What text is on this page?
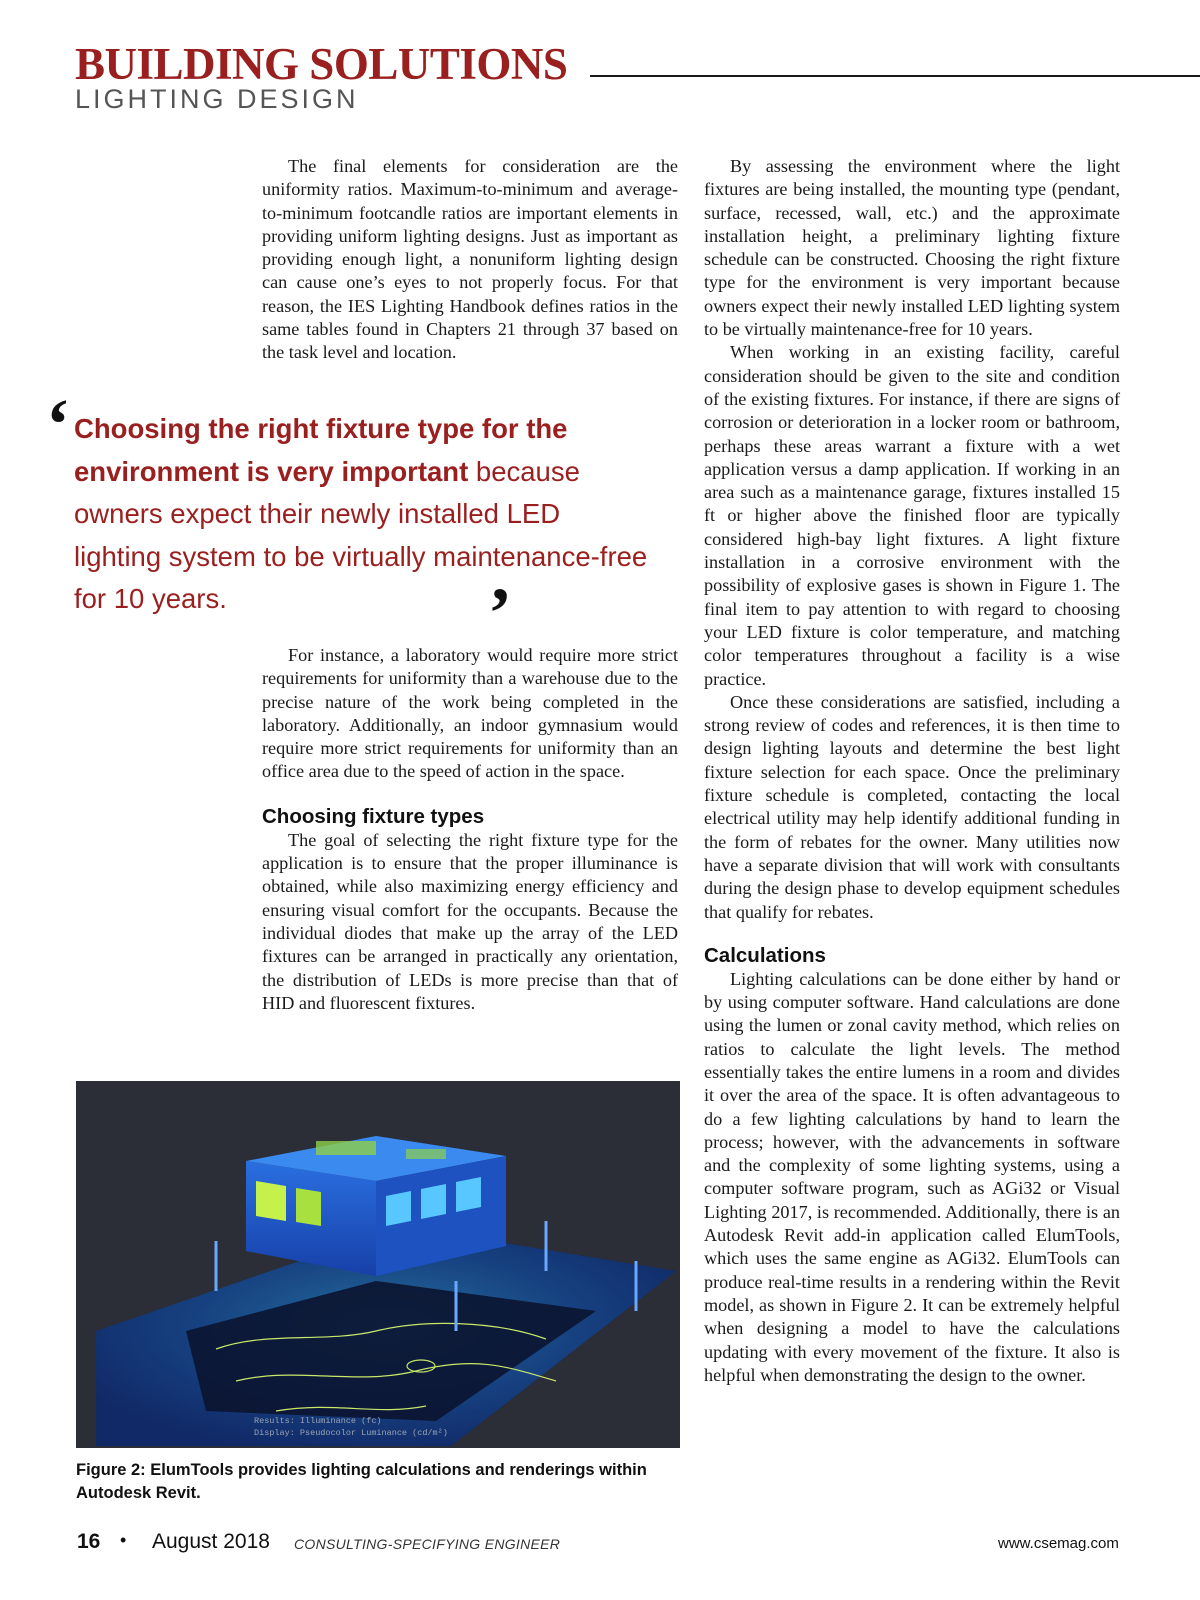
BUILDING SOLUTIONS
LIGHTING DESIGN

The final elements for consideration are the uniformity ratios. Maximum-to-minimum and average-to-minimum footcandle ratios are important elements in providing uniform lighting designs. Just as important as providing enough light, a nonuniform lighting design can cause one’s eyes to not properly focus. For that reason, the IES Lighting Handbook defines ratios in the same tables found in Chapters 21 through 37 based on the task level and location.

‘ Choosing the right fixture type for the environment is very important because owners expect their newly installed LED lighting system to be virtually maintenance-free for 10 years.	’

For instance, a laboratory would require more strict requirements for uniformity than a warehouse due to the precise nature of the work being completed in the laboratory. Additionally, an indoor gymnasium would require more strict requirements for uniformity than an office area due to the speed of action in the space.

Choosing fixture types

The goal of selecting the right fixture type for the application is to ensure that the proper illuminance is obtained, while also maximizing energy efficiency and ensuring visual comfort for the occupants. Because the individual diodes that make up the array of the LED fixtures can be arranged in practically any orientation, the distribution of LEDs is more precise than that of HID and fluorescent fixtures.

By assessing the environment where the light fixtures are being installed, the mounting type (pendant, surface, recessed, wall, etc.) and the approximate installation height, a preliminary lighting fixture schedule can be constructed. Choosing the right fixture type for the environment is very important because owners expect their newly installed LED lighting system to be virtually maintenance-free for 10 years.

When working in an existing facility, careful consideration should be given to the site and condition of the existing fixtures. For instance, if there are signs of corrosion or deterioration in a locker room or bathroom, perhaps these areas warrant a fixture with a wet application versus a damp application. If working in an area such as a maintenance garage, fixtures installed 15 ft or higher above the finished floor are typically considered high-bay light fixtures. A light fixture installation in a corrosive environment with the possibility of explosive gases is shown in Figure 1. The final item to pay attention to with regard to choosing your LED fixture is color temperature, and matching color temperatures throughout a facility is a wise practice.

Once these considerations are satisfied, including a strong review of codes and references, it is then time to design lighting layouts and determine the best light fixture selection for each space. Once the preliminary fixture schedule is completed, contacting the local electrical utility may help identify additional funding in the form of rebates for the owner. Many utilities now have a separate division that will work with consultants during the design phase to develop equipment schedules that qualify for rebates.

Calculations

Lighting calculations can be done either by hand or by using computer software. Hand calculations are done using the lumen or zonal cavity method, which relies on ratios to calculate the light levels. The method essentially takes the entire lumens in a room and divides it over the area of the space. It is often advantageous to do a few lighting calculations by hand to learn the process; however, with the advancements in software and the complexity of some lighting systems, using a computer software program, such as AGi32 or Visual Lighting 2017, is recommended. Additionally, there is an Autodesk Revit add-in application called ElumTools, which uses the same engine as AGi32. ElumTools can produce real-time results in a rendering within the Revit model, as shown in Figure 2. It can be extremely helpful when designing a model to have the calculations updating with every movement of the fixture. It also is helpful when demonstrating the design to the owner.

Results: Illuminance (fc)
Display: Pseudocolor Luminance (cd/m²)
Figure 2: ElumTools provides lighting calculations and renderings within Autodesk Revit.
16 • August 2018 CONSULTING-SPECIFYING ENGINEER	www.csemag.com
